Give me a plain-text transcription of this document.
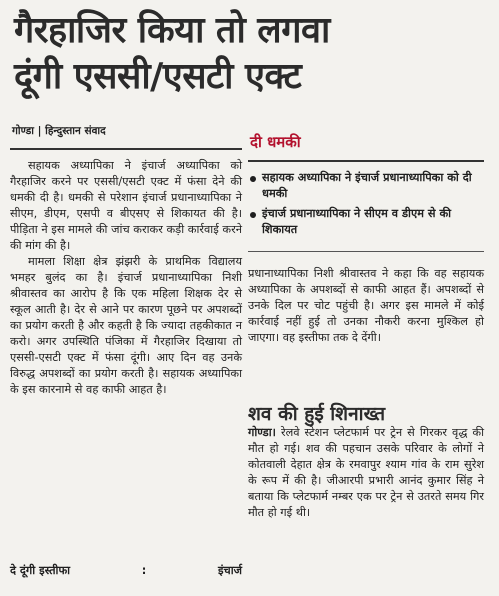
गैरहाजिर किया तो लगवा
दूंगी एससी/एसटी एक्ट
गोण्डा | हिन्दुस्तान संवाद
दी धमकी
सहायक अध्यापिका ने इंचार्ज प्रधानाध्यापिका को दी धमकी
इंचार्ज प्रधानाध्यापिका ने सीएम व डीएम से की शिकायत

सहायक अध्यापिका ने इंचार्ज अध्यापिका को गैरहाजिर करने पर एससी/एसटी एक्ट में फंसा देने की धमकी दी है। धमकी से परेशान इंचार्ज प्रधानाध्यापिका ने सीएम, डीएम, एसपी व बीएसए से शिकायत की है। पीड़िता ने इस मामले की जांच कराकर कड़ी कार्रवाई करने की मांग की है।

मामला शिक्षा क्षेत्र झंझरी के प्राथमिक विद्यालय भमहर बुलंद का है। इंचार्ज प्रधानाध्यापिका निशी श्रीवास्तव का आरोप है कि एक महिला शिक्षक देर से स्कूल आती है। देर से आने पर कारण पूछने पर अपशब्दों का प्रयोग करती है और कहती है कि ज्यादा तहकीकात न करो। अगर उपस्थिति पंजिका में गैरहाजिर दिखाया तो एससी-एसटी एक्ट में फंसा दूंगी। आए दिन वह उनके विरुद्ध अपशब्दों का प्रयोग करती है। सहायक अध्यापिका के इस कारनामे से वह काफी आहत है।

दे दूंगी इस्तीफा	:	इंचार्ज

प्रधानाध्यापिका निशी श्रीवास्तव ने कहा कि वह सहायक अध्यापिका के अपशब्दों से काफी आहत हैं। अपशब्दों से उनके दिल पर चोट पहुंची है। अगर इस मामले में कोई कार्रवाई नहीं हुई तो उनका नौकरी करना मुश्किल हो जाएगा। वह इस्तीफा तक दे देंगी।

शव की हुई शिनाख्त

गोण्डा। रेलवे स्टेशन प्लेटफार्म पर ट्रेन से गिरकर वृद्ध की मौत हो गई। शव की पहचान उसके परिवार के लोगों ने कोतवाली देहात क्षेत्र के रमवापुर श्याम गांव के राम सुरेश के रूप में की है। जीआरपी प्रभारी आनंद कुमार सिंह ने बताया कि प्लेटफार्म नम्बर एक पर ट्रेन से उतरते समय गिर मौत हो गई थी।
